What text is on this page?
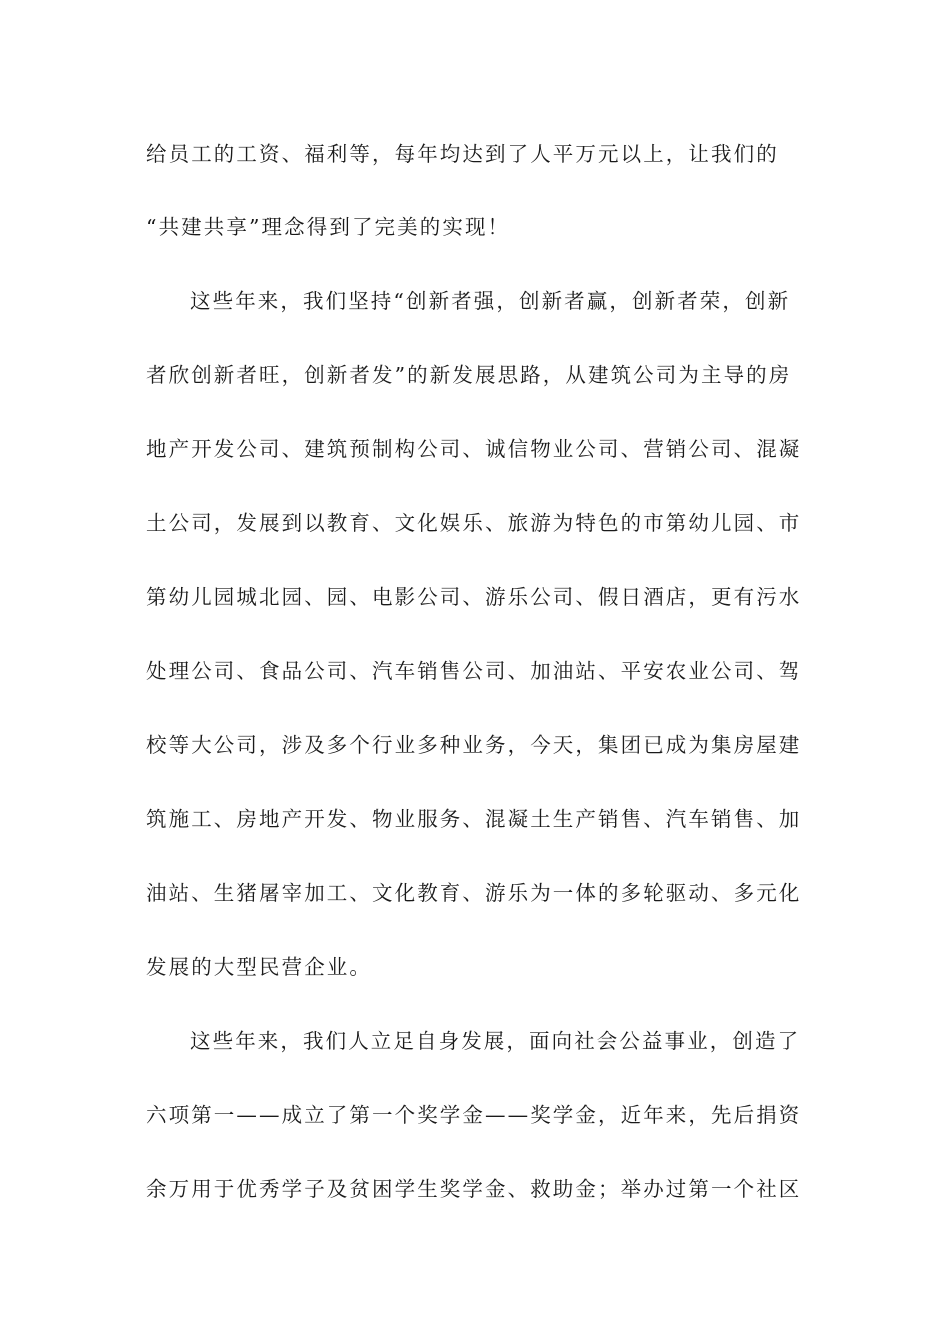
给员工的工资、福利等，每年均达到了人平万元以上，让我们的
“共建共享”理念得到了完美的实现！
这些年来，我们坚持“创新者强，创新者赢，创新者荣，创新
者欣创新者旺，创新者发”的新发展思路，从建筑公司为主导的房
地产开发公司、建筑预制构公司、诚信物业公司、营销公司、混凝
土公司，发展到以教育、文化娱乐、旅游为特色的市第幼儿园、市
第幼儿园城北园、园、电影公司、游乐公司、假日酒店，更有污水
处理公司、食品公司、汽车销售公司、加油站、平安农业公司、驾
校等大公司，涉及多个行业多种业务，今天，集团已成为集房屋建
筑施工、房地产开发、物业服务、混凝土生产销售、汽车销售、加
油站、生猪屠宰加工、文化教育、游乐为一体的多轮驱动、多元化
发展的大型民营企业。
这些年来，我们人立足自身发展，面向社会公益事业，创造了
六项第一——成立了第一个奖学金——奖学金，近年来，先后捐资
余万用于优秀学子及贫困学生奖学金、救助金；举办过第一个社区
